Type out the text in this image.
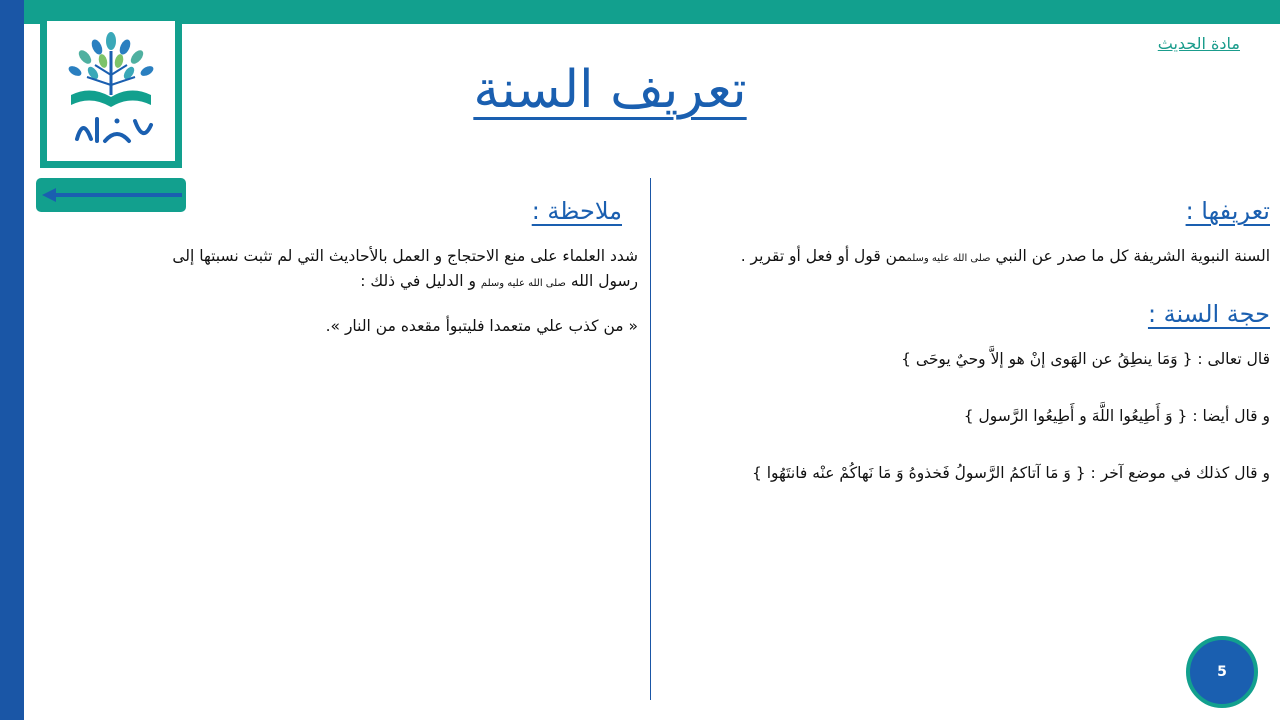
مادة الحديث
تعريف السنة
تعريفها :

السنة النبوية الشريفة كل ما صدر عن النبي صلى الله عليه وسلممن قول أو فعل أو تقرير .

حجة السنة :

قال تعالى : { وَمَا ينطِقُ عن الهَوى إنْ هو إلاَّ وحيٌ يوحَى }

و قال أيضا : { وَ أَطِيعُوا اللَّهَ و أَطِيعُوا الرَّسول }

و قال كذلك في موضع آخر : { وَ مَا آتاكمُ الرَّسولُ فَخذوهُ وَ مَا نَهاكُمْ عنْه فانتَهُوا }

ملاحظة :

شدد العلماء على منع الاحتجاج و العمل بالأحاديث التي لم تثبت نسبتها إلى رسول الله صلى الله عليه وسلم و الدليل في ذلك :

« من كذب علي متعمدا فليتبوأ مقعده من النار ».

5
